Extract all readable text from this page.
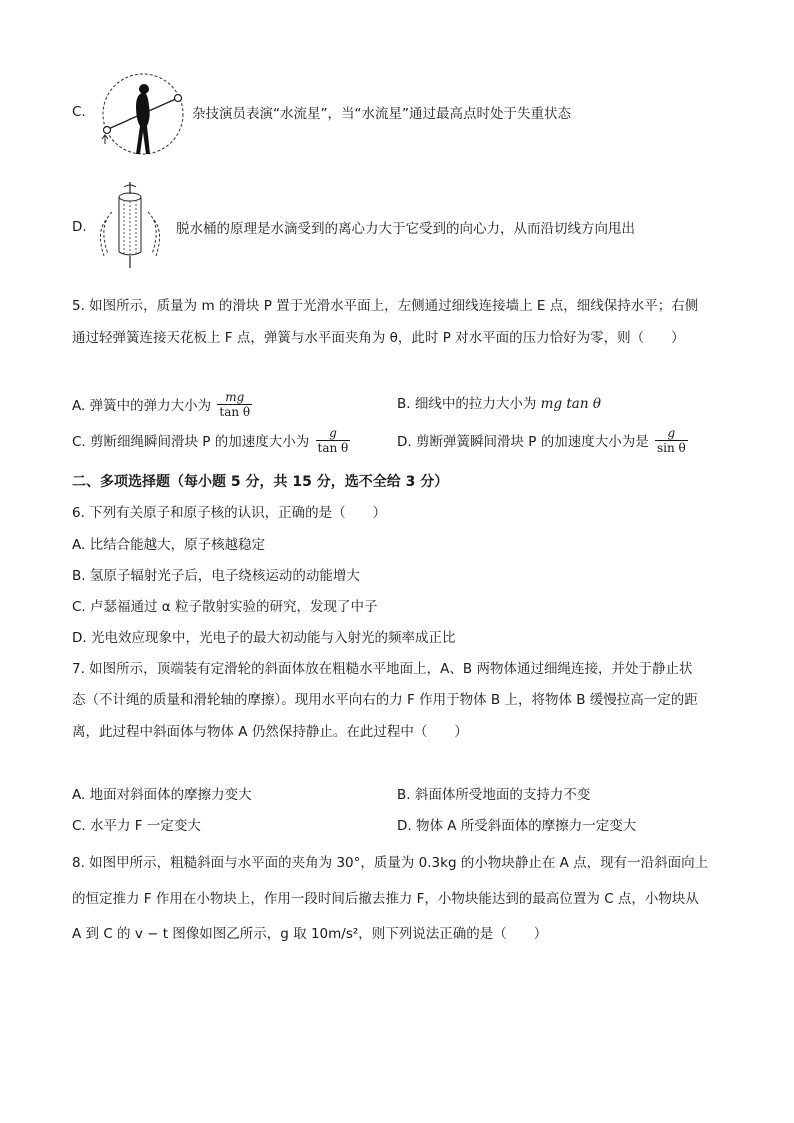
C.	杂技演员表演“水流星”，当“水流星”通过最高点时处于失重状态
D.	脱水桶的原理是水滴受到的离心力大于它受到的向心力，从而沿切线方向甩出
5. 如图所示，质量为 m 的滑块 P 置于光滑水平面上，左侧通过细线连接墙上 E 点，细线保持水平；右侧
通过轻弹簧连接天花板上 F 点，弹簧与水平面夹角为 θ，此时 P 对水平面的压力恰好为零，则（　　）
A. 弹簧中的弹力大小为 $\frac{mg}{\text{tan θ}}$	B. 细线中的拉力大小为 mg tan θ
C. 剪断细绳瞬间滑块 P 的加速度大小为 $\frac{g}{\text{tan θ}}$	D. 剪断弹簧瞬间滑块 P 的加速度大小为是 $\frac{g}{\text{sin θ}}$
二、多项选择题（每小题 5 分，共 15 分，选不全给 3 分）
6. 下列有关原子和原子核的认识，正确的是（　　）
A. 比结合能越大，原子核越稳定
B. 氢原子辐射光子后，电子绕核运动的动能增大
C. 卢瑟福通过 α 粒子散射实验的研究，发现了中子
D. 光电效应现象中，光电子的最大初动能与入射光的频率成正比
7. 如图所示，顶端装有定滑轮的斜面体放在粗糙水平地面上，A、B 两物体通过细绳连接，并处于静止状
态（不计绳的质量和滑轮轴的摩擦）。现用水平向右的力 F 作用于物体 B 上，将物体 B 缓慢拉高一定的距
离，此过程中斜面体与物体 A 仍然保持静止。在此过程中（　　）
A. 地面对斜面体的摩擦力变大	B. 斜面体所受地面的支持力不变
C. 水平力 F 一定变大	D. 物体 A 所受斜面体的摩擦力一定变大
8. 如图甲所示，粗糙斜面与水平面的夹角为 30°，质量为 0.3kg 的小物块静止在 A 点，现有一沿斜面向上
的恒定推力 F 作用在小物块上，作用一段时间后撤去推力 F，小物块能达到的最高位置为 C 点，小物块从
A 到 C 的 v − t 图像如图乙所示，g 取 10m/s²，则下列说法正确的是（　　）
